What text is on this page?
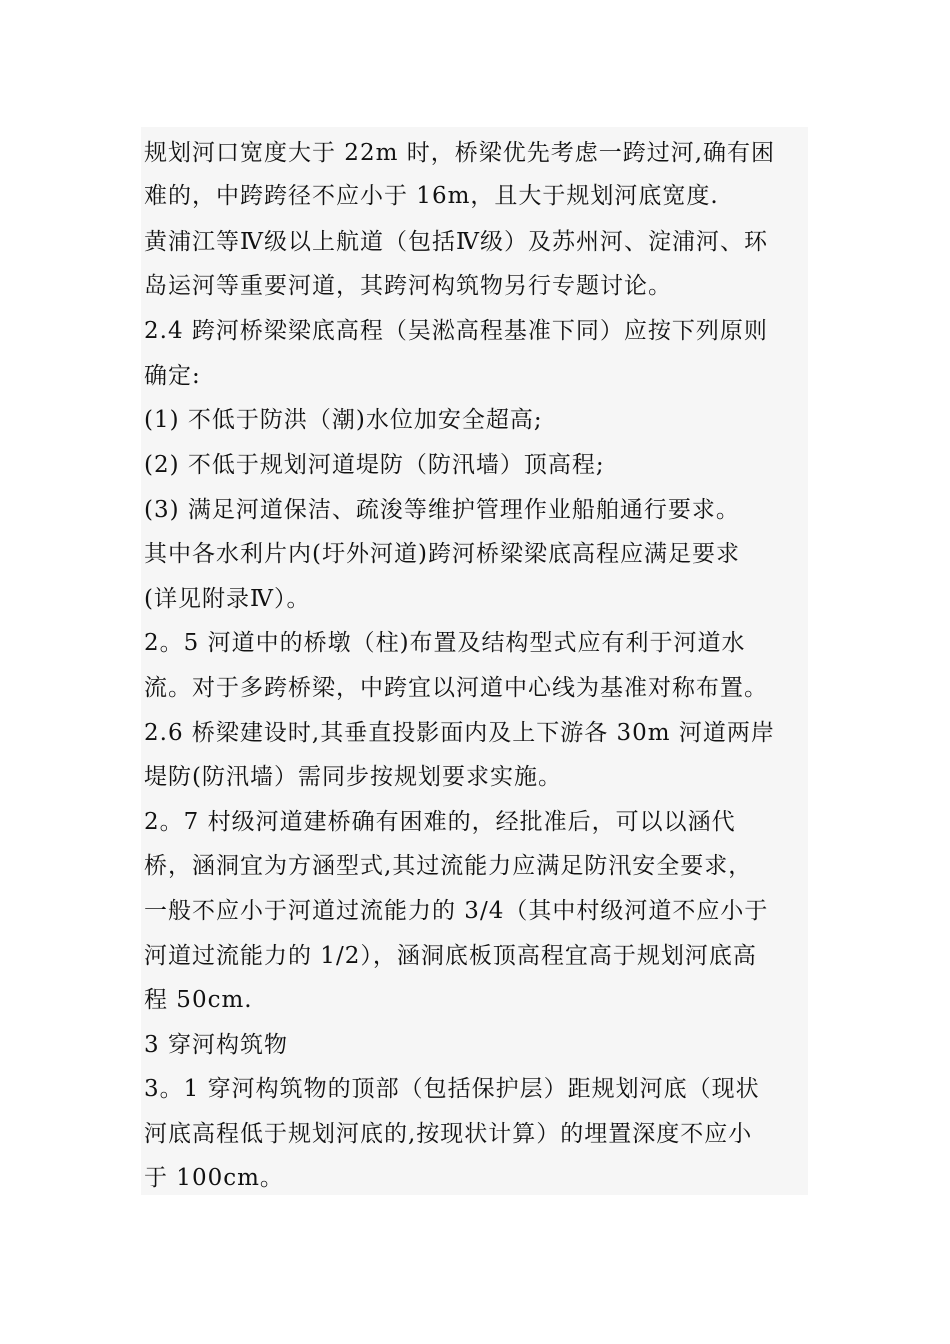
规划河口宽度大于 22m 时，桥梁优先考虑一跨过河,确有困
难的，中跨跨径不应小于 16m，且大于规划河底宽度.
黄浦江等Ⅳ级以上航道（包括Ⅳ级）及苏州河、淀浦河、环
岛运河等重要河道，其跨河构筑物另行专题讨论。
2.4 跨河桥梁梁底高程（吴淞高程基准下同）应按下列原则
确定:
(1) 不低于防洪（潮)水位加安全超高;
(2) 不低于规划河道堤防（防汛墙）顶高程;
(3) 满足河道保洁、疏浚等维护管理作业船舶通行要求。
其中各水利片内(圩外河道)跨河桥梁梁底高程应满足要求
(详见附录Ⅳ）。
2。5 河道中的桥墩（柱)布置及结构型式应有利于河道水
流。对于多跨桥梁，中跨宜以河道中心线为基准对称布置。
2.6 桥梁建设时,其垂直投影面内及上下游各 30m 河道两岸
堤防(防汛墙）需同步按规划要求实施。
2。7 村级河道建桥确有困难的，经批准后，可以以涵代
桥，涵洞宜为方涵型式,其过流能力应满足防汛安全要求，
一般不应小于河道过流能力的 3/4（其中村级河道不应小于
河道过流能力的 1/2），涵洞底板顶高程宜高于规划河底高
程 50cm.
3 穿河构筑物
3。1 穿河构筑物的顶部（包括保护层）距规划河底（现状
河底高程低于规划河底的,按现状计算）的埋置深度不应小
于 100cm。
